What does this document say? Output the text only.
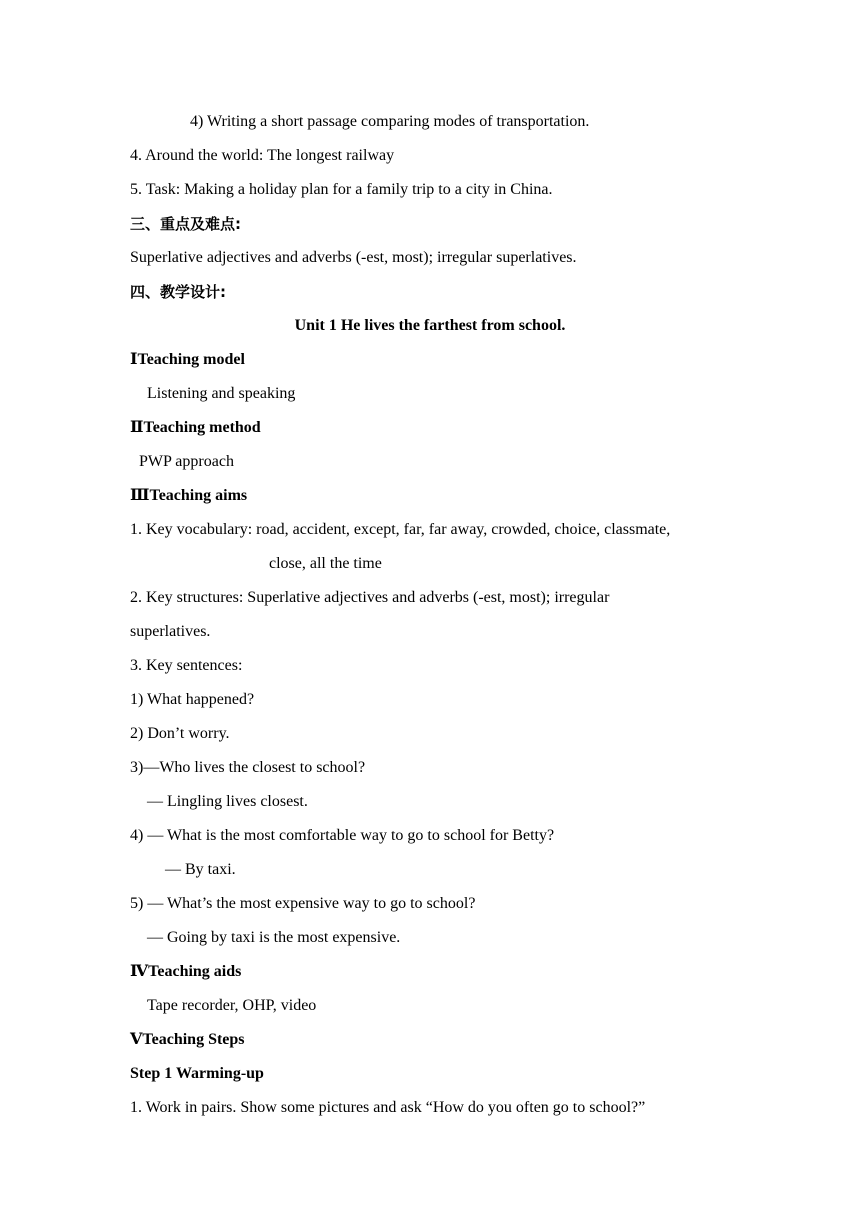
4) Writing a short passage comparing modes of transportation.
4. Around the world: The longest railway
5. Task: Making a holiday plan for a family trip to a city in China.
三、重点及难点:
Superlative adjectives and adverbs (-est, most); irregular superlatives.
四、教学设计:
Unit 1 He lives the farthest from school.
ⅠTeaching model
Listening and speaking
ⅡTeaching method
PWP approach
ⅢTeaching aims
1. Key vocabulary: road, accident, except, far, far away, crowded, choice, classmate,
close, all the time
2. Key structures: Superlative adjectives and adverbs (-est, most); irregular
superlatives.
3. Key sentences:
1) What happened?
2) Don’t worry.
3)—Who lives the closest to school?
— Lingling lives closest.
4) — What is the most comfortable way to go to school for Betty?
— By taxi.
5) — What’s the most expensive way to go to school?
— Going by taxi is the most expensive.
ⅣTeaching aids
Tape recorder, OHP, video
ⅤTeaching Steps
Step 1 Warming-up
1. Work in pairs. Show some pictures and ask “How do you often go to school?”
